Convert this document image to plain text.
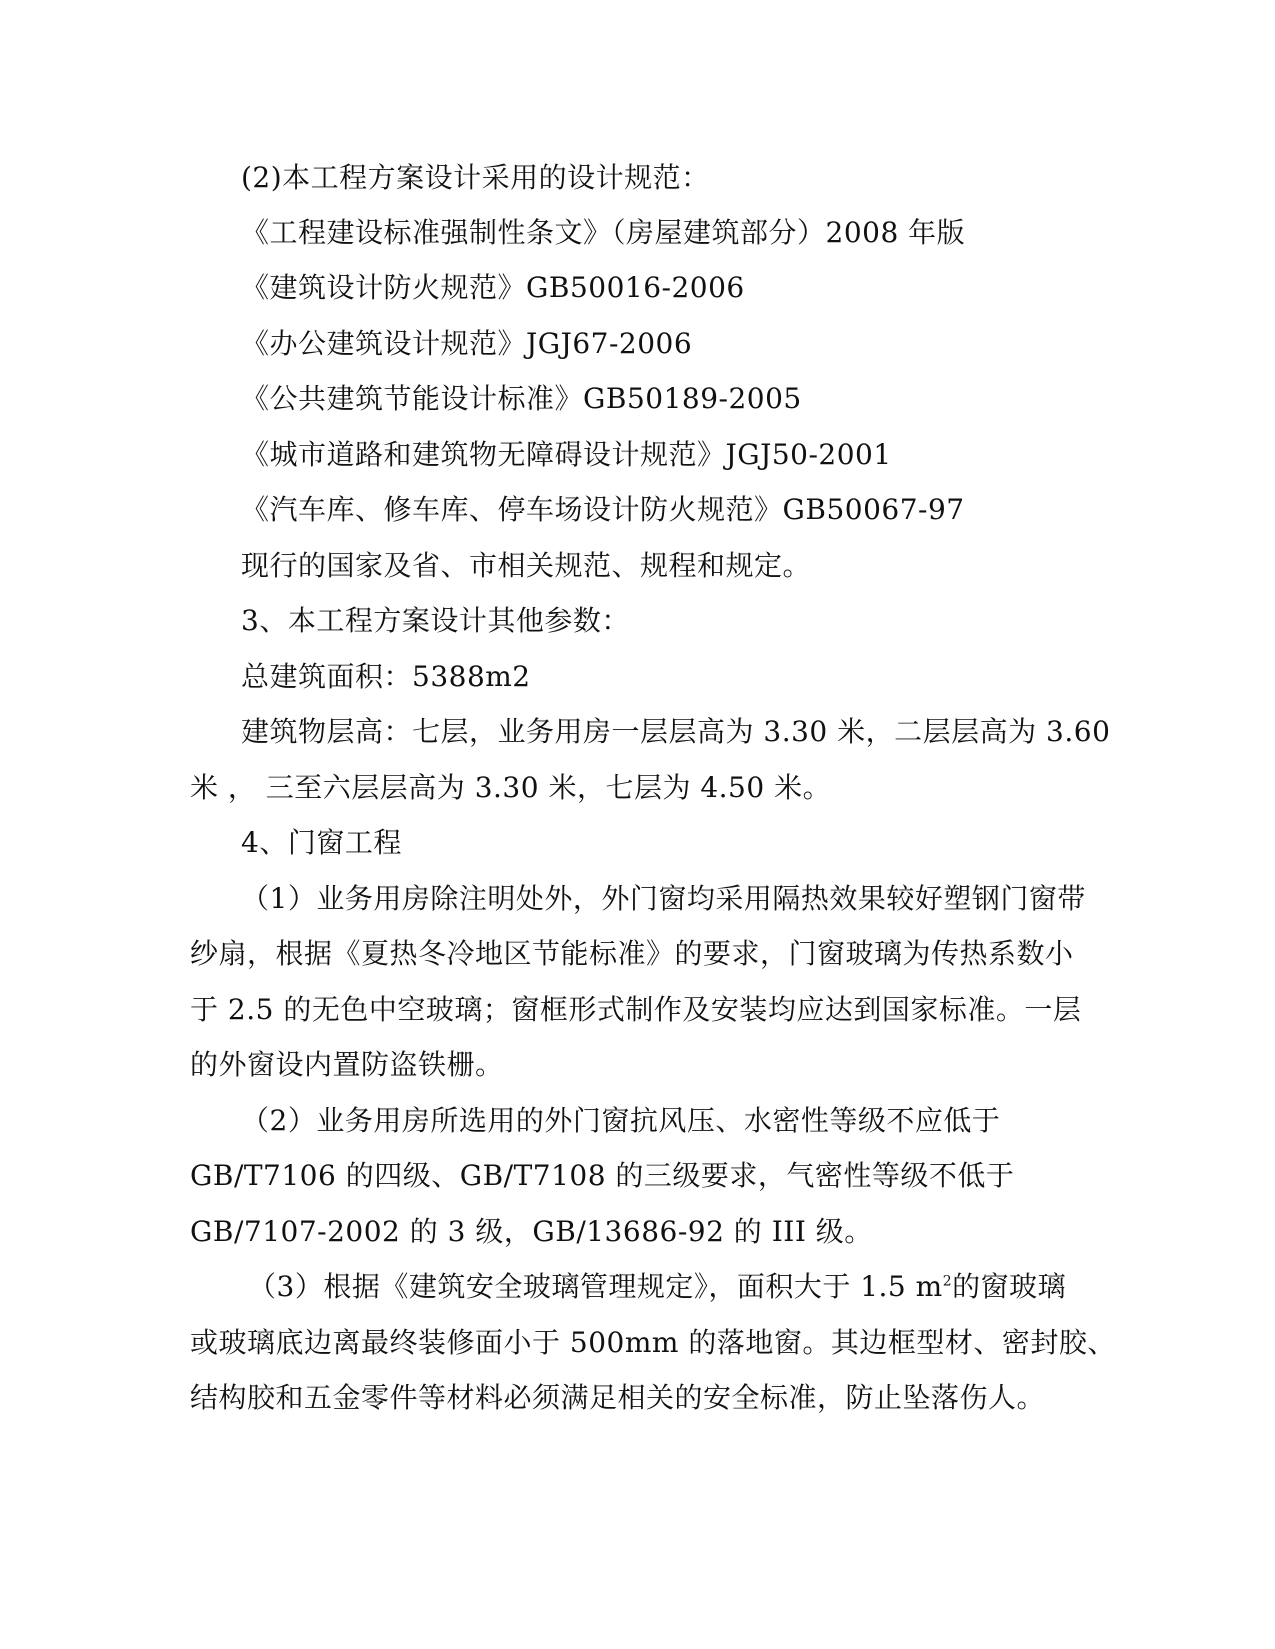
(2)本工程方案设计采用的设计规范：
《工程建设标准强制性条文》（房屋建筑部分）2008 年版
《建筑设计防火规范》GB50016-2006
《办公建筑设计规范》JGJ67-2006
《公共建筑节能设计标准》GB50189-2005
《城市道路和建筑物无障碍设计规范》JGJ50-2001
《汽车库、修车库、停车场设计防火规范》GB50067-97
现行的国家及省、市相关规范、规程和规定。
3、本工程方案设计其他参数：
总建筑面积：5388m2
建筑物层高：七层，业务用房一层层高为 3.30 米，二层层高为 3.60
米 ， 三至六层层高为 3.30 米，七层为 4.50 米。
4、门窗工程
（1）业务用房除注明处外，外门窗均采用隔热效果较好塑钢门窗带
纱扇，根据《夏热冬冷地区节能标准》的要求，门窗玻璃为传热系数小
于 2.5 的无色中空玻璃；窗框形式制作及安装均应达到国家标准。一层
的外窗设内置防盗铁栅。
（2）业务用房所选用的外门窗抗风压、水密性等级不应低于
GB/T7106 的四级、GB/T7108 的三级要求，气密性等级不低于
GB/7107-2002 的 3 级，GB/13686-92 的 III 级。
（3）根据《建筑安全玻璃管理规定》，面积大于 1.5 $m^2$的窗玻璃
或玻璃底边离最终装修面小于 500mm 的落地窗。其边框型材、密封胶、
结构胶和五金零件等材料必须满足相关的安全标准，防止坠落伤人。
